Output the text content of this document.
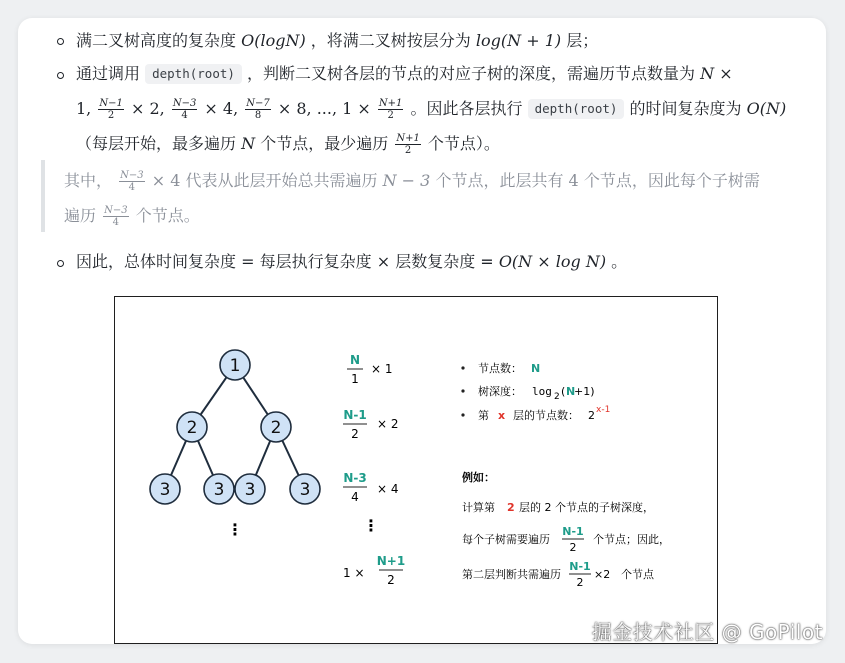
满二叉树高度的复杂度 O(logN) ，将满二叉树按层分为 log(N + 1) 层；
通过调用 depth(root) ，判断二叉树各层的节点的对应子树的深度，需遍历节点数量为 N ×
1, $\frac{N-1}{2} \times 2$, $\frac{N-3}{4} \times 4$, $\frac{N-7}{8} \times 8$, ..., $1 \times \frac{N+1}{2}$ 。因此各层执行 depth(root) 的时间复杂度为 O(N)
（每层开始，最多遍历 N 个节点，最少遍历 $\frac{N+1}{2}$ 个节点）。
其中， $\frac{N-3}{4} \times 4$ 代表从此层开始总共需遍历 N − 3 个节点，此层共有 4 个节点，因此每个子树需
遍历 $\frac{N-3}{4}$ 个节点。
因此，总体时间复杂度 = 每层执行复杂度 × 层数复杂度 = O(N × log N) 。
1
2	2
3	3 3	3
⋮
N
1
× 1
N-1
2
× 2
N-3
4
× 4
⋮
1 ×
N+1
2
节点数： N
树深度： log 2 ( N
+1)
第 x 层的节点数： 2 x-1
例如：
计算第 2 层的 2 个节点的子树深度，
每个子树需要遍历
N-1
2
个节点；因此，
第二层判断共需遍历
N-1
2
×2 个节点
掘金技术社区 @ GoPilot
